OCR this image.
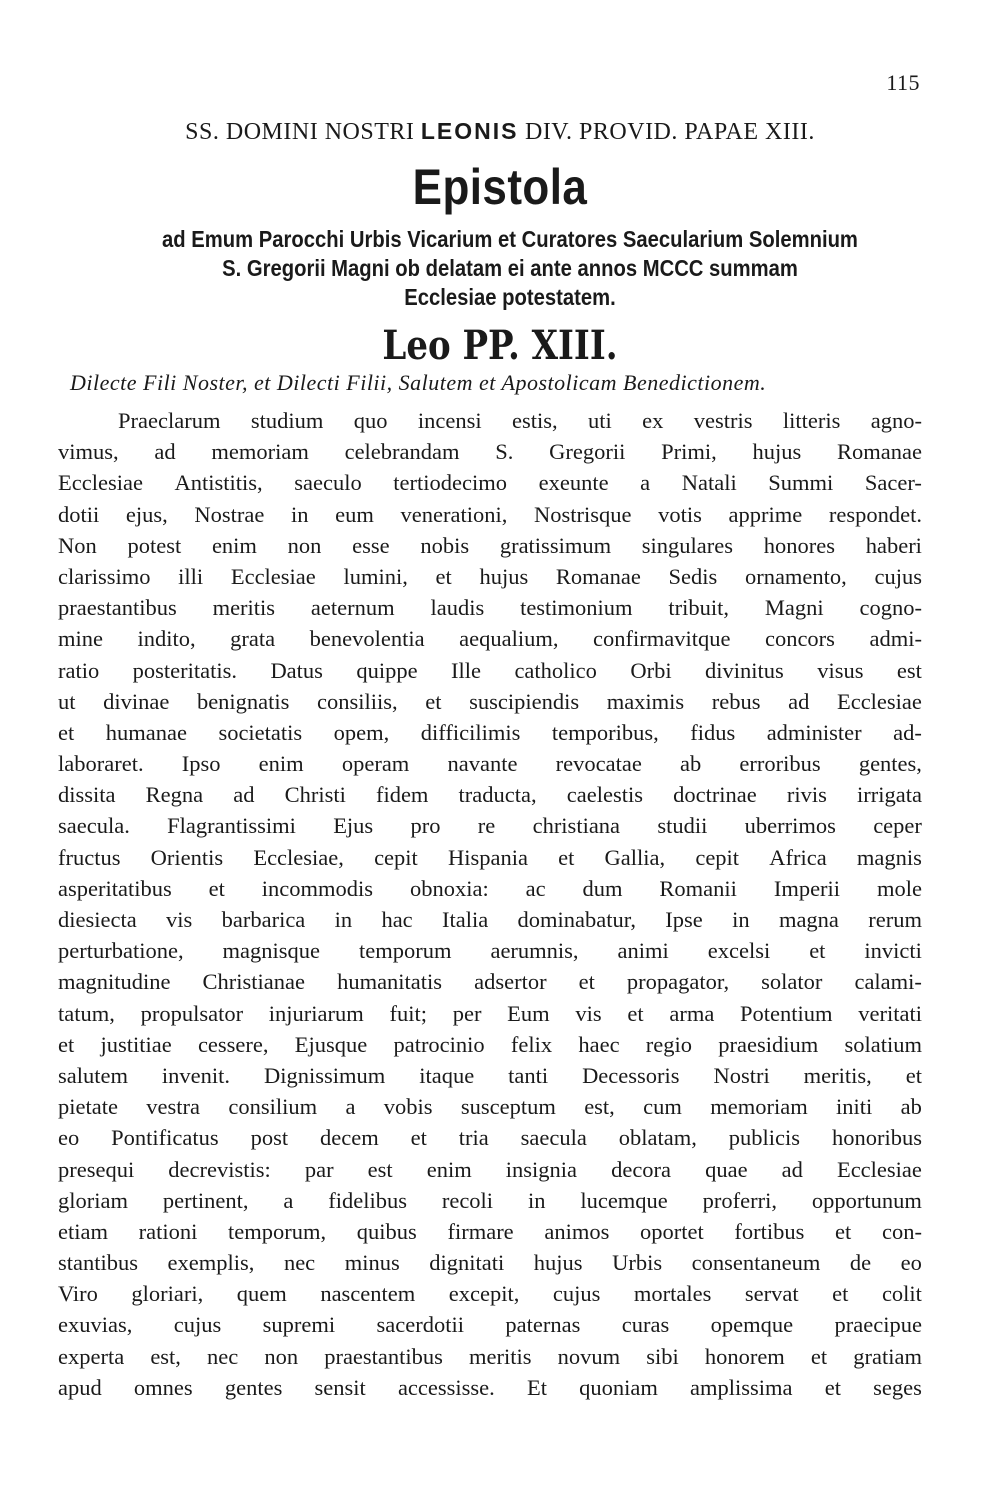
115
SS. DOMINI NOSTRI LEONIS DIV. PROVID. PAPAE XIII.
Epistola
ad Emum Parocchi Urbis Vicarium et Curatores Saecularium Solemnium
S. Gregorii Magni ob delatam ei ante annos MCCC summam
Ecclesiae potestatem.
Leo PP. XIII.
Dilecte Fili Noster, et Dilecti Filii, Salutem et Apostolicam Benedictionem.
Praeclarum studium quo incensi estis, uti ex vestris litteris agno-
vimus, ad memoriam celebrandam S. Gregorii Primi, hujus Romanae
Ecclesiae Antistitis, saeculo tertiodecimo exeunte a Natali Summi Sacer-
dotii ejus, Nostrae in eum venerationi, Nostrisque votis apprime respondet.
Non potest enim non esse nobis gratissimum singulares honores haberi
clarissimo illi Ecclesiae lumini, et hujus Romanae Sedis ornamento, cujus
praestantibus meritis aeternum laudis testimonium tribuit, Magni cogno-
mine indito, grata benevolentia aequalium, confirmavitque concors admi-
ratio posteritatis. Datus quippe Ille catholico Orbi divinitus visus est
ut divinae benignatis consiliis, et suscipiendis maximis rebus ad Ecclesiae
et humanae societatis opem, difficilimis temporibus, fidus administer ad-
laboraret. Ipso enim operam navante revocatae ab erroribus gentes,
dissita Regna ad Christi fidem traducta, caelestis doctrinae rivis irrigata
saecula. Flagrantissimi Ejus pro re christiana studii uberrimos ceper
fructus Orientis Ecclesiae, cepit Hispania et Gallia, cepit Africa magnis
asperitatibus et incommodis obnoxia: ac dum Romanii Imperii mole
diesiecta vis barbarica in hac Italia dominabatur, Ipse in magna rerum
perturbatione, magnisque temporum aerumnis, animi excelsi et invicti
magnitudine Christianae humanitatis adsertor et propagator, solator calami-
tatum, propulsator injuriarum fuit; per Eum vis et arma Potentium veritati
et justitiae cessere, Ejusque patrocinio felix haec regio praesidium solatium
salutem invenit. Dignissimum itaque tanti Decessoris Nostri meritis, et
pietate vestra consilium a vobis susceptum est, cum memoriam initi ab
eo Pontificatus post decem et tria saecula oblatam, publicis honoribus
presequi decrevistis: par est enim insignia decora quae ad Ecclesiae
gloriam pertinent, a fidelibus recoli in lucemque proferri, opportunum
etiam rationi temporum, quibus firmare animos oportet fortibus et con-
stantibus exemplis, nec minus dignitati hujus Urbis consentaneum de eo
Viro gloriari, quem nascentem excepit, cujus mortales servat et colit
exuvias, cujus supremi sacerdotii paternas curas opemque praecipue
experta est, nec non praestantibus meritis novum sibi honorem et gratiam
apud omnes gentes sensit accessisse. Et quoniam amplissima et seges
